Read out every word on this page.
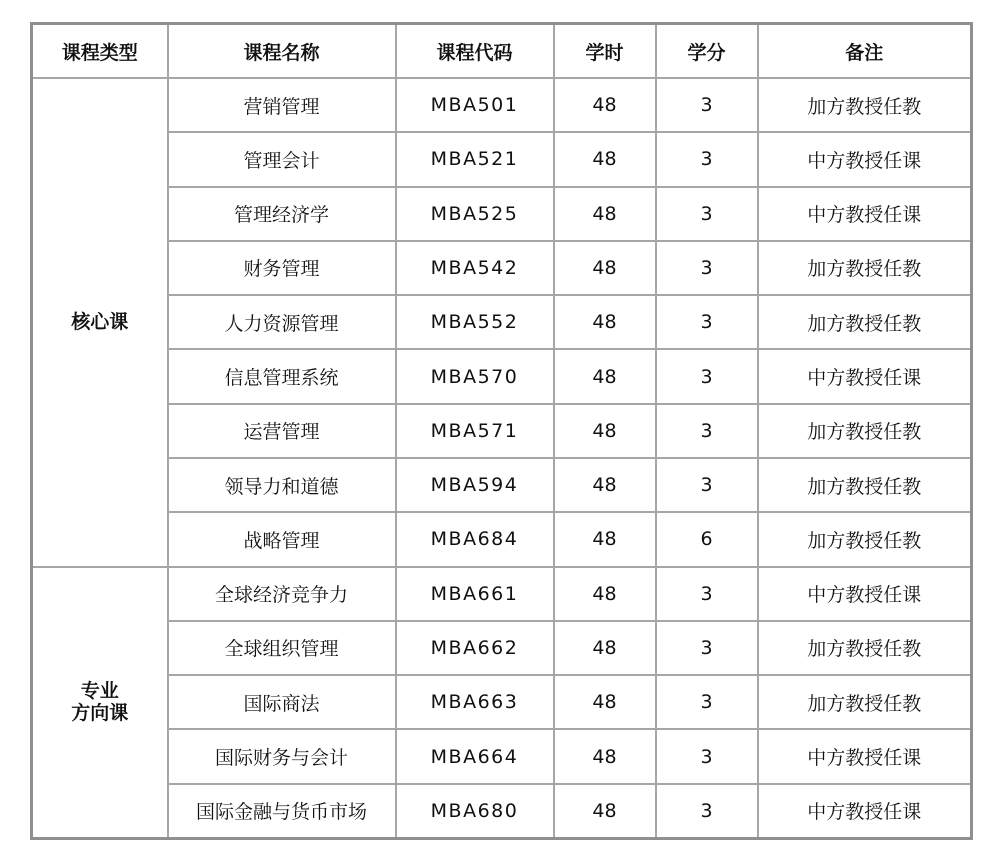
课程类型	课程名称	课程代码	学时	学分	备注

核心课	营销管理	MBA501	48	3	加方教授任教
	管理会计	MBA521	48	3	中方教授任课
	管理经济学	MBA525	48	3	中方教授任课
	财务管理	MBA542	48	3	加方教授任教
	人力资源管理	MBA552	48	3	加方教授任教
	信息管理系统	MBA570	48	3	中方教授任课
	运营管理	MBA571	48	3	加方教授任教
	领导力和道德	MBA594	48	3	加方教授任教
	战略管理	MBA684	48	6	加方教授任教

专业
方向课	全球经济竞争力	MBA661	48	3	中方教授任课
	全球组织管理	MBA662	48	3	加方教授任教
	国际商法	MBA663	48	3	加方教授任教
	国际财务与会计	MBA664	48	3	中方教授任课
	国际金融与货币市场	MBA680	48	3	中方教授任课
